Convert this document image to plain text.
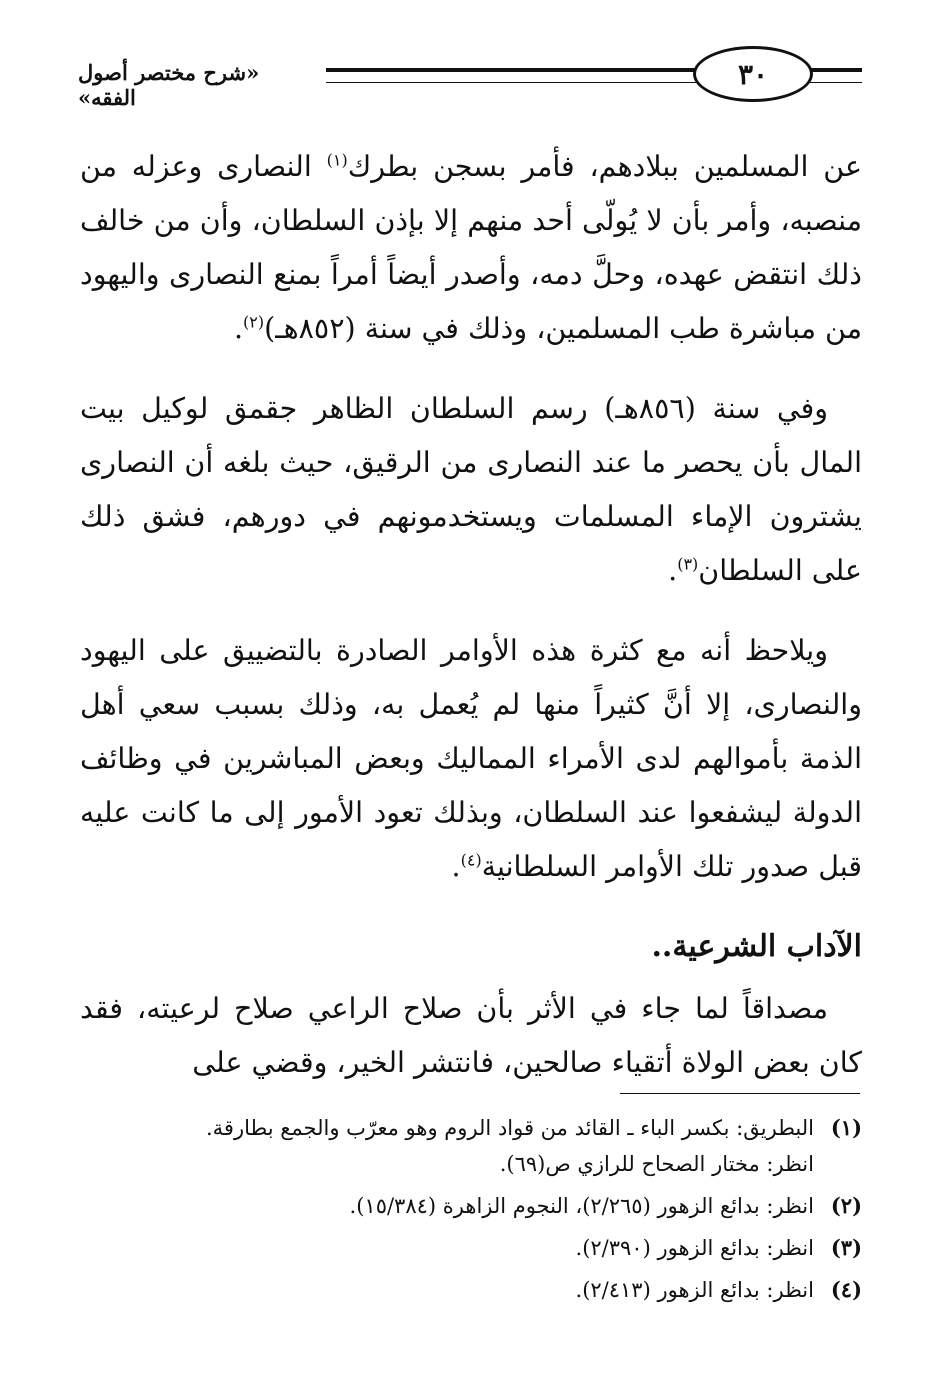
«شرح مختصر أصول الفقه»
٣٠

عن المسلمين ببلادهم، فأمر بسجن بطرك$^{(١)}$ النصارى وعزله من منصبه، وأمر بأن لا يُولّى أحد منهم إلا بإذن السلطان، وأن من خالف ذلك انتقض عهده، وحلَّ دمه، وأصدر أيضاً أمراً بمنع النصارى واليهود من مباشرة طب المسلمين، وذلك في سنة (٨٥٢هـ)$^{(٢)}$.

وفي سنة (٨٥٦هـ) رسم السلطان الظاهر جقمق لوكيل بيت المال بأن يحصر ما عند النصارى من الرقيق، حيث بلغه أن النصارى يشترون الإماء المسلمات ويستخدمونهم في دورهم، فشق ذلك على السلطان$^{(٣)}$.

ويلاحظ أنه مع كثرة هذه الأوامر الصادرة بالتضييق على اليهود والنصارى، إلا أنَّ كثيراً منها لم يُعمل به، وذلك بسبب سعي أهل الذمة بأموالهم لدى الأمراء المماليك وبعض المباشرين في وظائف الدولة ليشفعوا عند السلطان، وبذلك تعود الأمور إلى ما كانت عليه قبل صدور تلك الأوامر السلطانية$^{(٤)}$.

الآداب الشرعية..

مصداقاً لما جاء في الأثر بأن صلاح الراعي صلاح لرعيته، فقد كان بعض الولاة أتقياء صالحين، فانتشر الخير، وقضي على

(١)
البطريق: بكسر الباء ـ القائد من قواد الروم وهو معرّب والجمع بطارقة.
انظر: مختار الصحاح للرازي ص(٦٩).
(٢)
انظر: بدائع الزهور (٢/٢٦٥)، النجوم الزاهرة (١٥/٣٨٤).
(٣)
انظر: بدائع الزهور (٢/٣٩٠).
(٤)
انظر: بدائع الزهور (٢/٤١٣).
